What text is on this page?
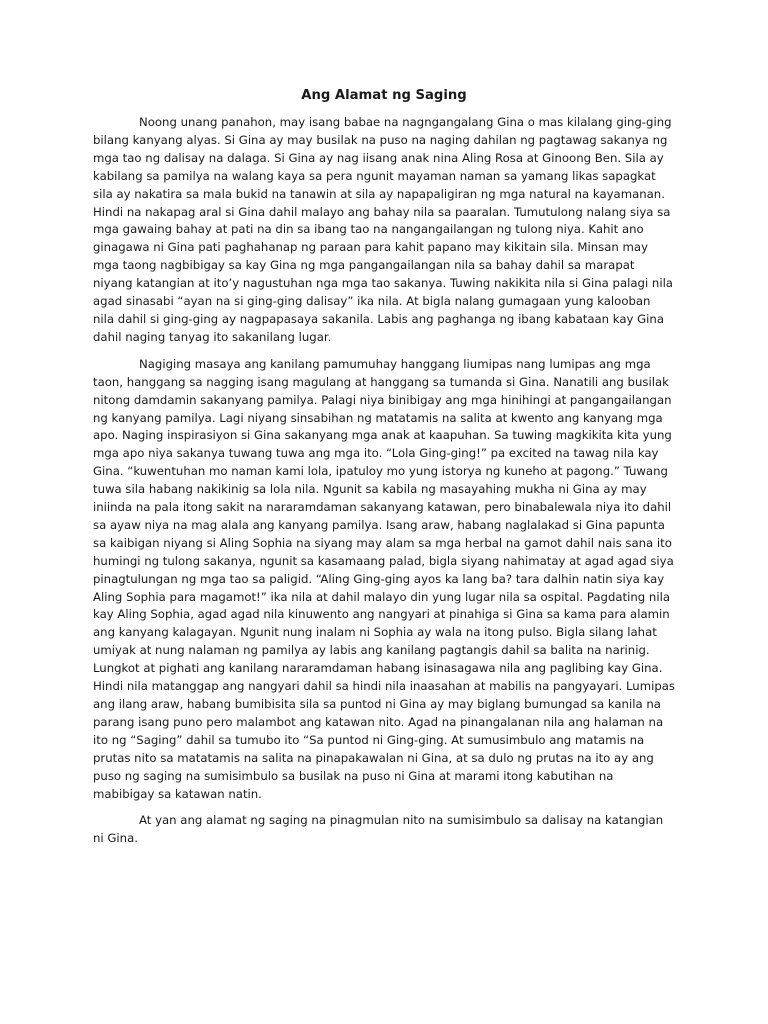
Ang Alamat ng Saging

Noong unang panahon, may isang babae na nagngangalang Gina o mas kilalang ging-ging bilang kanyang alyas. Si Gina ay may busilak na puso na naging dahilan ng pagtawag sakanya ng mga tao ng dalisay na dalaga. Si Gina ay nag iisang anak nina Aling Rosa at Ginoong Ben. Sila ay kabilang sa pamilya na walang kaya sa pera ngunit mayaman naman sa yamang likas sapagkat sila ay nakatira sa mala bukid na tanawin at sila ay napapaligiran ng mga natural na kayamanan. Hindi na nakapag aral si Gina dahil malayo ang bahay nila sa paaralan. Tumutulong nalang siya sa mga gawaing bahay at pati na din sa ibang tao na nangangailangan ng tulong niya. Kahit ano ginagawa ni Gina pati paghahanap ng paraan para kahit papano may kikitain sila. Minsan may mga taong nagbibigay sa kay Gina ng mga pangangailangan nila sa bahay dahil sa marapat niyang katangian at ito’y nagustuhan nga mga tao sakanya. Tuwing nakikita nila si Gina palagi nila agad sinasabi “ayan na si ging-ging dalisay” ika nila. At bigla nalang gumagaan yung kalooban nila dahil si ging-ging ay nagpapasaya sakanila. Labis ang paghanga ng ibang kabataan kay Gina dahil naging tanyag ito sakanilang lugar.

Nagiging masaya ang kanilang pamumuhay hanggang liumipas nang lumipas ang mga taon, hanggang sa nagging isang magulang at hanggang sa tumanda si Gina. Nanatili ang busilak nitong damdamin sakanyang pamilya. Palagi niya binibigay ang mga hinihingi at pangangailangan ng kanyang pamilya. Lagi niyang sinsabihan ng matatamis na salita at kwento ang kanyang mga apo. Naging inspirasiyon si Gina sakanyang mga anak at kaapuhan. Sa tuwing magkikita kita yung mga apo niya sakanya tuwang tuwa ang mga ito. “Lola Ging-ging!” pa excited na tawag nila kay Gina. “kuwentuhan mo naman kami lola, ipatuloy mo yung istorya ng kuneho at pagong.” Tuwang tuwa sila habang nakikinig sa lola nila. Ngunit sa kabila ng masayahing mukha ni Gina ay may iniinda na pala itong sakit na nararamdaman sakanyang katawan, pero binabalewala niya ito dahil sa ayaw niya na mag alala ang kanyang pamilya. Isang araw, habang naglalakad si Gina papunta sa kaibigan niyang si Aling Sophia na siyang may alam sa mga herbal na gamot dahil nais sana ito humingi ng tulong sakanya, ngunit sa kasamaang palad, bigla siyang nahimatay at agad agad siya pinagtulungan ng mga tao sa paligid. “Aling Ging-ging ayos ka lang ba? tara dalhin natin siya kay Aling Sophia para magamot!” ika nila at dahil malayo din yung lugar nila sa ospital. Pagdating nila kay Aling Sophia, agad agad nila kinuwento ang nangyari at pinahiga si Gina sa kama para alamin ang kanyang kalagayan. Ngunit nung inalam ni Sophia ay wala na itong pulso. Bigla silang lahat umiyak at nung nalaman ng pamilya ay labis ang kanilang pagtangis dahil sa balita na narinig. Lungkot at pighati ang kanilang nararamdaman habang isinasagawa nila ang paglibing kay Gina. Hindi nila matanggap ang nangyari dahil sa hindi nila inaasahan at mabilis na pangyayari. Lumipas ang ilang araw, habang bumibisita sila sa puntod ni Gina ay may biglang bumungad sa kanila na parang isang puno pero malambot ang katawan nito. Agad na pinangalanan nila ang halaman na ito ng “Saging” dahil sa tumubo ito “Sa puntod ni Ging-ging. At sumusimbulo ang matamis na prutas nito sa matatamis na salita na pinapakawalan ni Gina, at sa dulo ng prutas na ito ay ang puso ng saging na sumisimbulo sa busilak na puso ni Gina at marami itong kabutihan na mabibigay sa katawan natin.

At yan ang alamat ng saging na pinagmulan nito na sumisimbulo sa dalisay na katangian ni Gina.
